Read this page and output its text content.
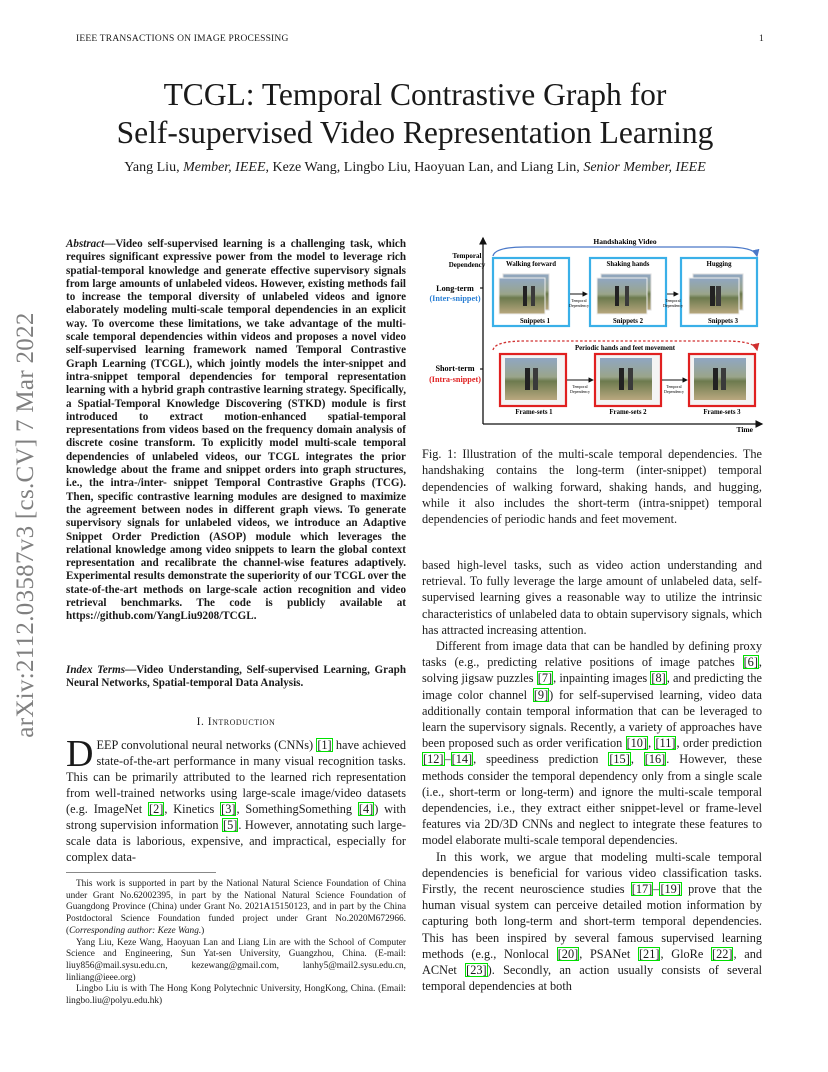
IEEE TRANSACTIONS ON IMAGE PROCESSING	1
TCGL: Temporal Contrastive Graph for
Self-supervised Video Representation Learning
Yang Liu, Member, IEEE, Keze Wang, Lingbo Liu, Haoyuan Lan, and Liang Lin, Senior Member, IEEE
arXiv:2112.03587v3 [cs.CV] 7 Mar 2022
Abstract—Video self-supervised learning is a challenging task, which requires significant expressive power from the model to leverage rich spatial-temporal knowledge and generate effective supervisory signals from large amounts of unlabeled videos. However, existing methods fail to increase the temporal diversity of unlabeled videos and ignore elaborately modeling multi-scale temporal dependencies in an explicit way. To overcome these limitations, we take advantage of the multi-scale temporal dependencies within videos and proposes a novel video self-supervised learning framework named Temporal Contrastive Graph Learning (TCGL), which jointly models the inter-snippet and intra-snippet temporal dependencies for temporal representation learning with a hybrid graph contrastive learning strategy. Specifically, a Spatial-Temporal Knowledge Discovering (STKD) module is first introduced to extract motion-enhanced spatial-temporal representations from videos based on the frequency domain analysis of discrete cosine transform. To explicitly model multi-scale temporal dependencies of unlabeled videos, our TCGL integrates the prior knowledge about the frame and snippet orders into graph structures, i.e., the intra-/inter- snippet Temporal Contrastive Graphs (TCG). Then, specific contrastive learning modules are designed to maximize the agreement between nodes in different graph views. To generate supervisory signals for unlabeled videos, we introduce an Adaptive Snippet Order Prediction (ASOP) module which leverages the relational knowledge among video snippets to learn the global context representation and recalibrate the channel-wise features adaptively. Experimental results demonstrate the superiority of our TCGL over the state-of-the-art methods on large-scale action recognition and video retrieval benchmarks. The code is publicly available at https://github.com/YangLiu9208/TCGL.
Index Terms—Video Understanding, Self-supervised Learning, Graph Neural Networks, Spatial-temporal Data Analysis.
I. Introduction
DEEP convolutional neural networks (CNNs) [1] have achieved state-of-the-art performance in many visual recognition tasks. This can be primarily attributed to the learned rich representation from well-trained networks using large-scale image/video datasets (e.g. ImageNet [2], Kinetics [3], SomethingSomething [4]) with strong supervision information [5]. However, annotating such large-scale data is laborious, expensive, and impractical, especially for complex data-

This work is supported in part by the National Natural Science Foundation of China under Grant No.62002395, in part by the National Natural Science Foundation of Guangdong Province (China) under Grant No. 2021A15150123, and in part by the China Postdoctoral Science Foundation funded project under Grant No.2020M672966. (Corresponding author: Keze Wang.)

Yang Liu, Keze Wang, Haoyuan Lan and Liang Lin are with the School of Computer Science and Engineering, Sun Yat-sen University, Guangzhou, China. (E-mail: liuy856@mail.sysu.edu.cn, kezewang@gmail.com, lanhy5@mail2.sysu.edu.cn, linliang@ieee.org)

Lingbo Liu is with The Hong Kong Polytechnic University, HongKong, China. (Email: lingbo.liu@polyu.edu.hk)

Time
Temporal
Dependency
Long-term
(Inter-snippet)
Short-term
(Intra-snippet)
Handshaking Video
Walking forward	Shaking hands	Hugging
Snippets 1	Snippets 2	Snippets 3
Temporal
Dependency
Temporal
Dependency
Periodic hands and feet movement
Temporal
Dependency
Temporal
Dependency
Frame-sets 1	Frame-sets 2	Frame-sets 3
Fig. 1: Illustration of the multi-scale temporal dependencies. The handshaking contains the long-term (inter-snippet) temporal dependencies of walking forward, shaking hands, and hugging, while it also includes the short-term (intra-snippet) temporal dependencies of periodic hands and feet movement.

based high-level tasks, such as video action understanding and retrieval. To fully leverage the large amount of unlabeled data, self-supervised learning gives a reasonable way to utilize the intrinsic characteristics of unlabeled data to obtain supervisory signals, which has attracted increasing attention.

Different from image data that can be handled by defining proxy tasks (e.g., predicting relative positions of image patches [6], solving jigsaw puzzles [7], inpainting images [8], and predicting the image color channel [9]) for self-supervised learning, video data additionally contain temporal information that can be leveraged to learn the supervisory signals. Recently, a variety of approaches have been proposed such as order verification [10], [11], order prediction [12]–[14], speediness prediction [15], [16]. However, these methods consider the temporal dependency only from a single scale (i.e., short-term or long-term) and ignore the multi-scale temporal dependencies, i.e., they extract either snippet-level or frame-level features via 2D/3D CNNs and neglect to integrate these features to model elaborate multi-scale temporal dependencies.

In this work, we argue that modeling multi-scale temporal dependencies is beneficial for various video classification tasks. Firstly, the recent neuroscience studies [17]–[19] prove that the human visual system can perceive detailed motion information by capturing both long-term and short-term temporal dependencies. This has been inspired by several famous supervised learning methods (e.g., Nonlocal [20], PSANet [21], GloRe [22], and ACNet [23]). Secondly, an action usually consists of several temporal dependencies at both
